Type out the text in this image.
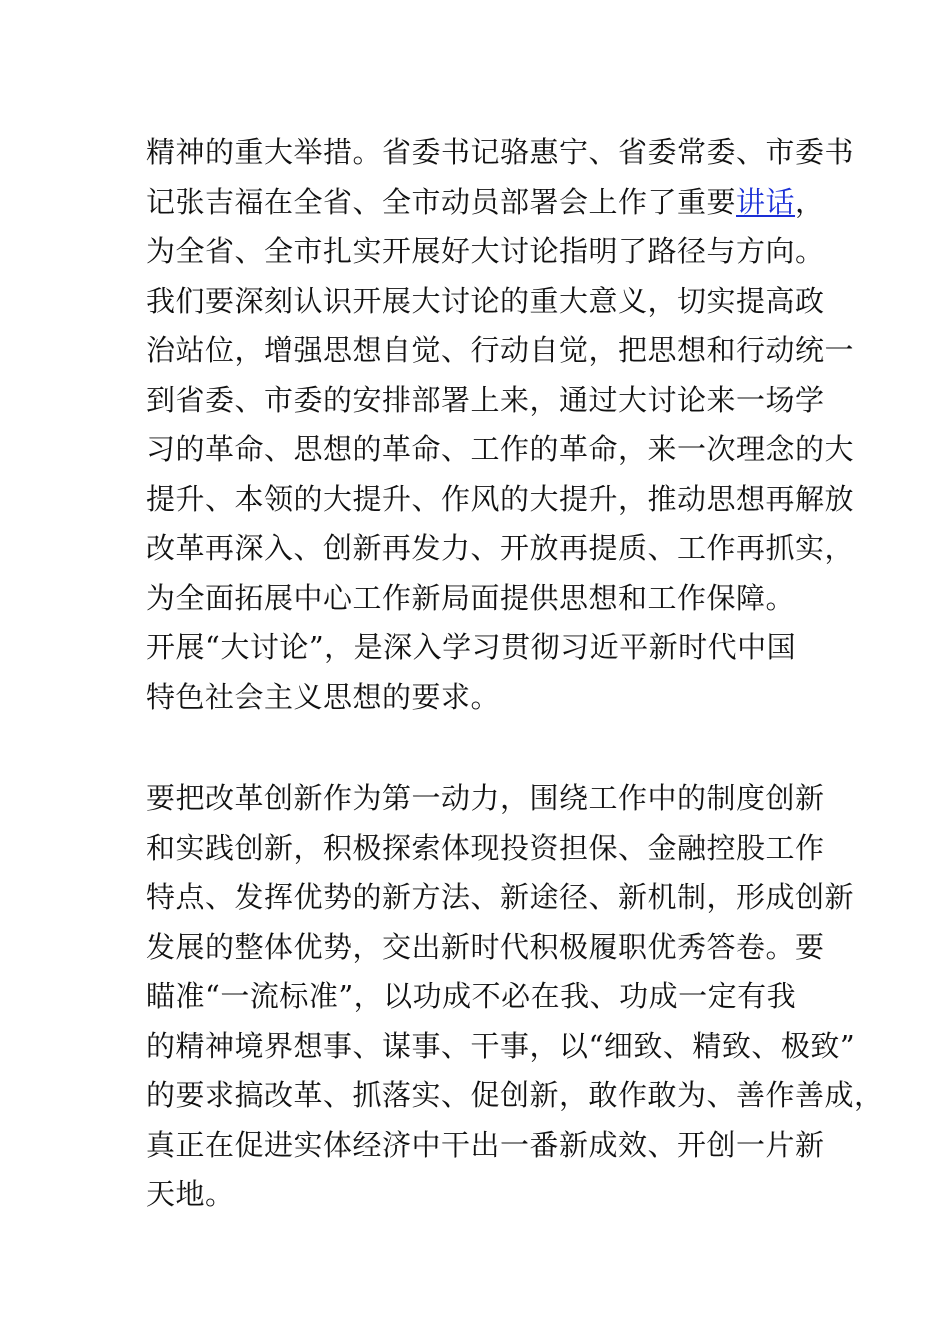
精神的重大举措。省委书记骆惠宁、省委常委、市委书
记张吉福在全省、全市动员部署会上作了重要讲话，
为全省、全市扎实开展好大讨论指明了路径与方向。
我们要深刻认识开展大讨论的重大意义，切实提高政
治站位，增强思想自觉、行动自觉，把思想和行动统一
到省委、市委的安排部署上来，通过大讨论来一场学
习的革命、思想的革命、工作的革命，来一次理念的大
提升、本领的大提升、作风的大提升，推动思想再解放
改革再深入、创新再发力、开放再提质、工作再抓实，
为全面拓展中心工作新局面提供思想和工作保障。
开展“大讨论”，是深入学习贯彻习近平新时代中国
特色社会主义思想的要求。
要把改革创新作为第一动力，围绕工作中的制度创新
和实践创新，积极探索体现投资担保、金融控股工作
特点、发挥优势的新方法、新途径、新机制，形成创新
发展的整体优势，交出新时代积极履职优秀答卷。要
瞄准“一流标准”，以功成不必在我、功成一定有我
的精神境界想事、谋事、干事，以“细致、精致、极致”
的要求搞改革、抓落实、促创新，敢作敢为、善作善成，
真正在促进实体经济中干出一番新成效、开创一片新
天地。
